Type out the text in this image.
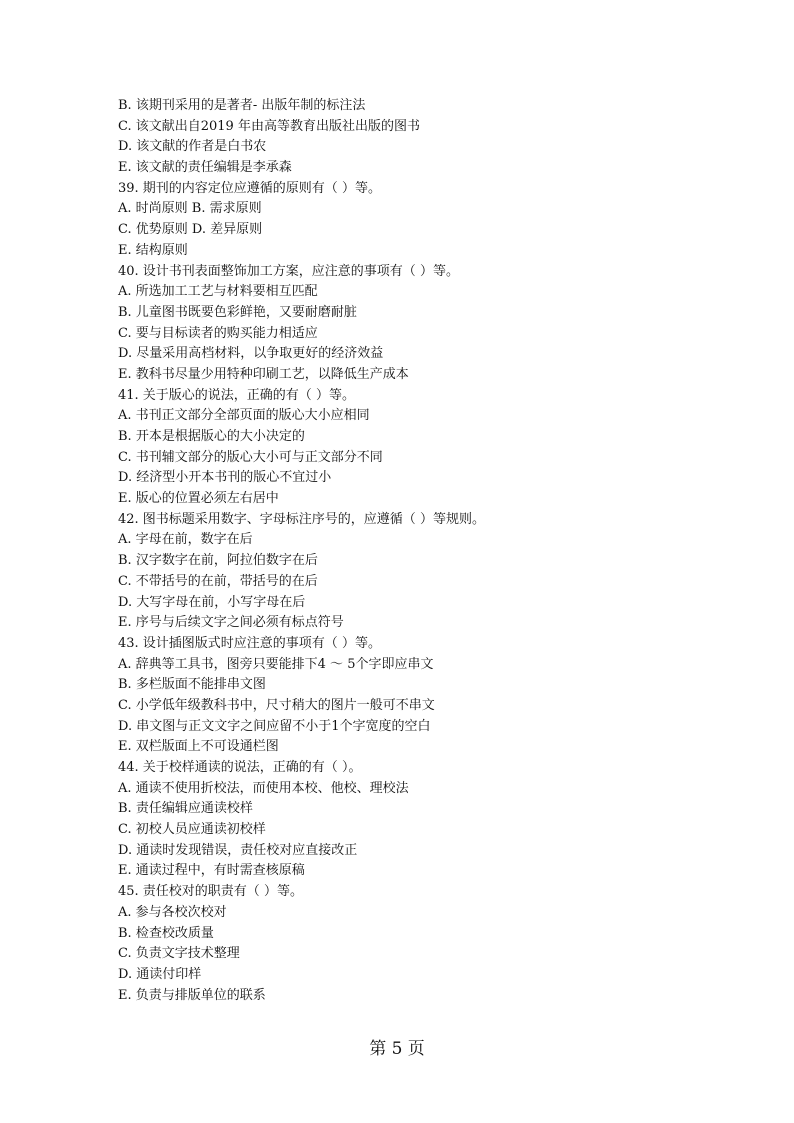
B. 该期刊采用的是著者- 出版年制的标注法
C. 该文献出自2019 年由高等教育出版社出版的图书
D. 该文献的作者是白书农
E. 该文献的责任编辑是李承森
39. 期刊的内容定位应遵循的原则有（ ）等。
A. 时尚原则 B. 需求原则
C. 优势原则 D. 差异原则
E. 结构原则
40. 设计书刊表面整饰加工方案，应注意的事项有（ ）等。
A. 所选加工工艺与材料要相互匹配
B. 儿童图书既要色彩鲜艳，又要耐磨耐脏
C. 要与目标读者的购买能力相适应
D. 尽量采用高档材料，以争取更好的经济效益
E. 教科书尽量少用特种印刷工艺，以降低生产成本
41. 关于版心的说法，正确的有（ ）等。
A. 书刊正文部分全部页面的版心大小应相同
B. 开本是根据版心的大小决定的
C. 书刊辅文部分的版心大小可与正文部分不同
D. 经济型小开本书刊的版心不宜过小
E. 版心的位置必须左右居中
42. 图书标题采用数字、字母标注序号的，应遵循（ ）等规则。
A. 字母在前，数字在后
B. 汉字数字在前，阿拉伯数字在后
C. 不带括号的在前，带括号的在后
D. 大写字母在前，小写字母在后
E. 序号与后续文字之间必须有标点符号
43. 设计插图版式时应注意的事项有（ ）等。
A. 辞典等工具书，图旁只要能排下4 ～ 5个字即应串文
B. 多栏版面不能排串文图
C. 小学低年级教科书中，尺寸稍大的图片一般可不串文
D. 串文图与正文文字之间应留不小于1个字宽度的空白
E. 双栏版面上不可设通栏图
44. 关于校样通读的说法，正确的有（ ）。
A. 通读不使用折校法，而使用本校、他校、理校法
B. 责任编辑应通读校样
C. 初校人员应通读初校样
D. 通读时发现错误，责任校对应直接改正
E. 通读过程中，有时需查核原稿
45. 责任校对的职责有（ ）等。
A. 参与各校次校对
B. 检查校改质量
C. 负责文字技术整理
D. 通读付印样
E. 负责与排版单位的联系
第 5 页
